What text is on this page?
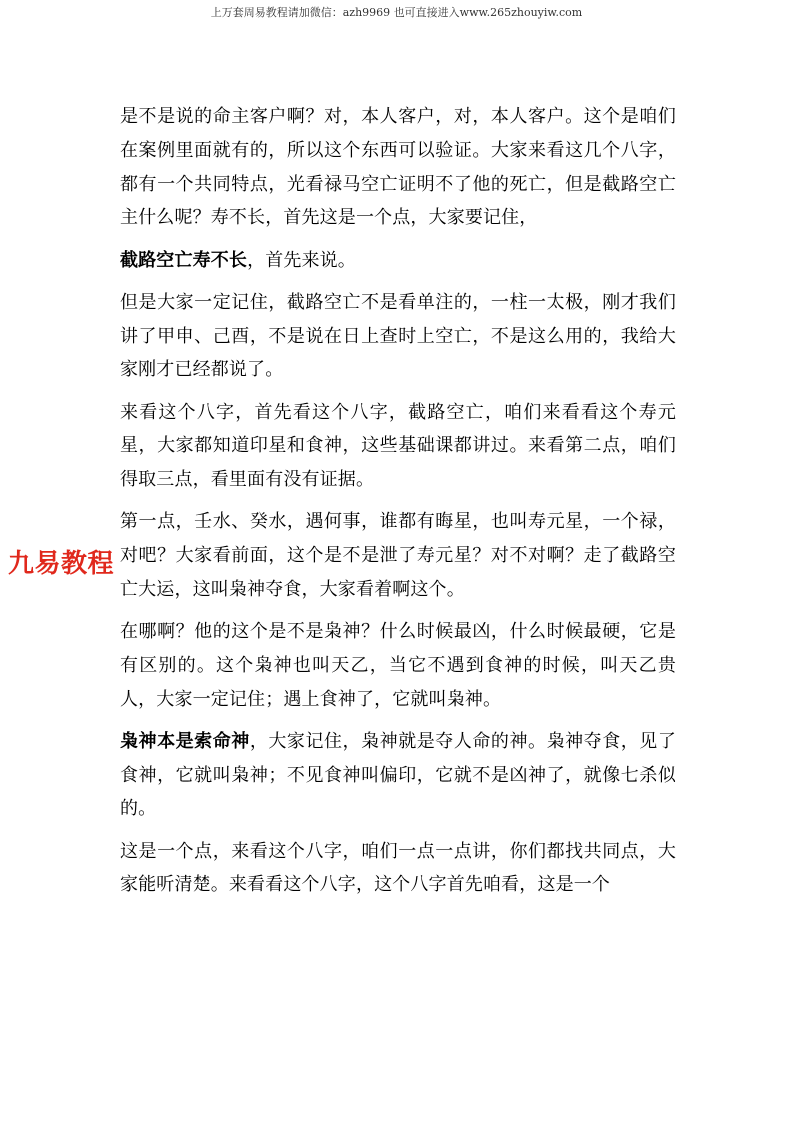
上万套周易教程请加微信：azh9969 也可直接进入www.265zhouyiw.com

是不是说的命主客户啊？对，本人客户，对，本人客户。这个是咱们在案例里面就有的，所以这个东西可以验证。大家来看这几个八字，都有一个共同特点，光看禄马空亡证明不了他的死亡，但是截路空亡主什么呢？寿不长，首先这是一个点，大家要记住，

截路空亡寿不长，首先来说。

但是大家一定记住，截路空亡不是看单注的，一柱一太极，刚才我们讲了甲申、己酉，不是说在日上查时上空亡，不是这么用的，我给大家刚才已经都说了。

来看这个八字，首先看这个八字，截路空亡，咱们来看看这个寿元星，大家都知道印星和食神，这些基础课都讲过。来看第二点，咱们得取三点，看里面有没有证据。

第一点，壬水、癸水，遇何事，谁都有晦星，也叫寿元星，一个禄，对吧？大家看前面，这个是不是泄了寿元星？对不对啊？走了截路空亡大运，这叫枭神夺食，大家看着啊这个。

在哪啊？他的这个是不是枭神？什么时候最凶，什么时候最硬，它是有区别的。这个枭神也叫天乙，当它不遇到食神的时候，叫天乙贵人，大家一定记住；遇上食神了，它就叫枭神。

枭神本是索命神，大家记住，枭神就是夺人命的神。枭神夺食，见了食神，它就叫枭神；不见食神叫偏印，它就不是凶神了，就像七杀似的。

这是一个点，来看这个八字，咱们一点一点讲，你们都找共同点，大家能听清楚。来看看这个八字，这个八字首先咱看，这是一个

九易教程
